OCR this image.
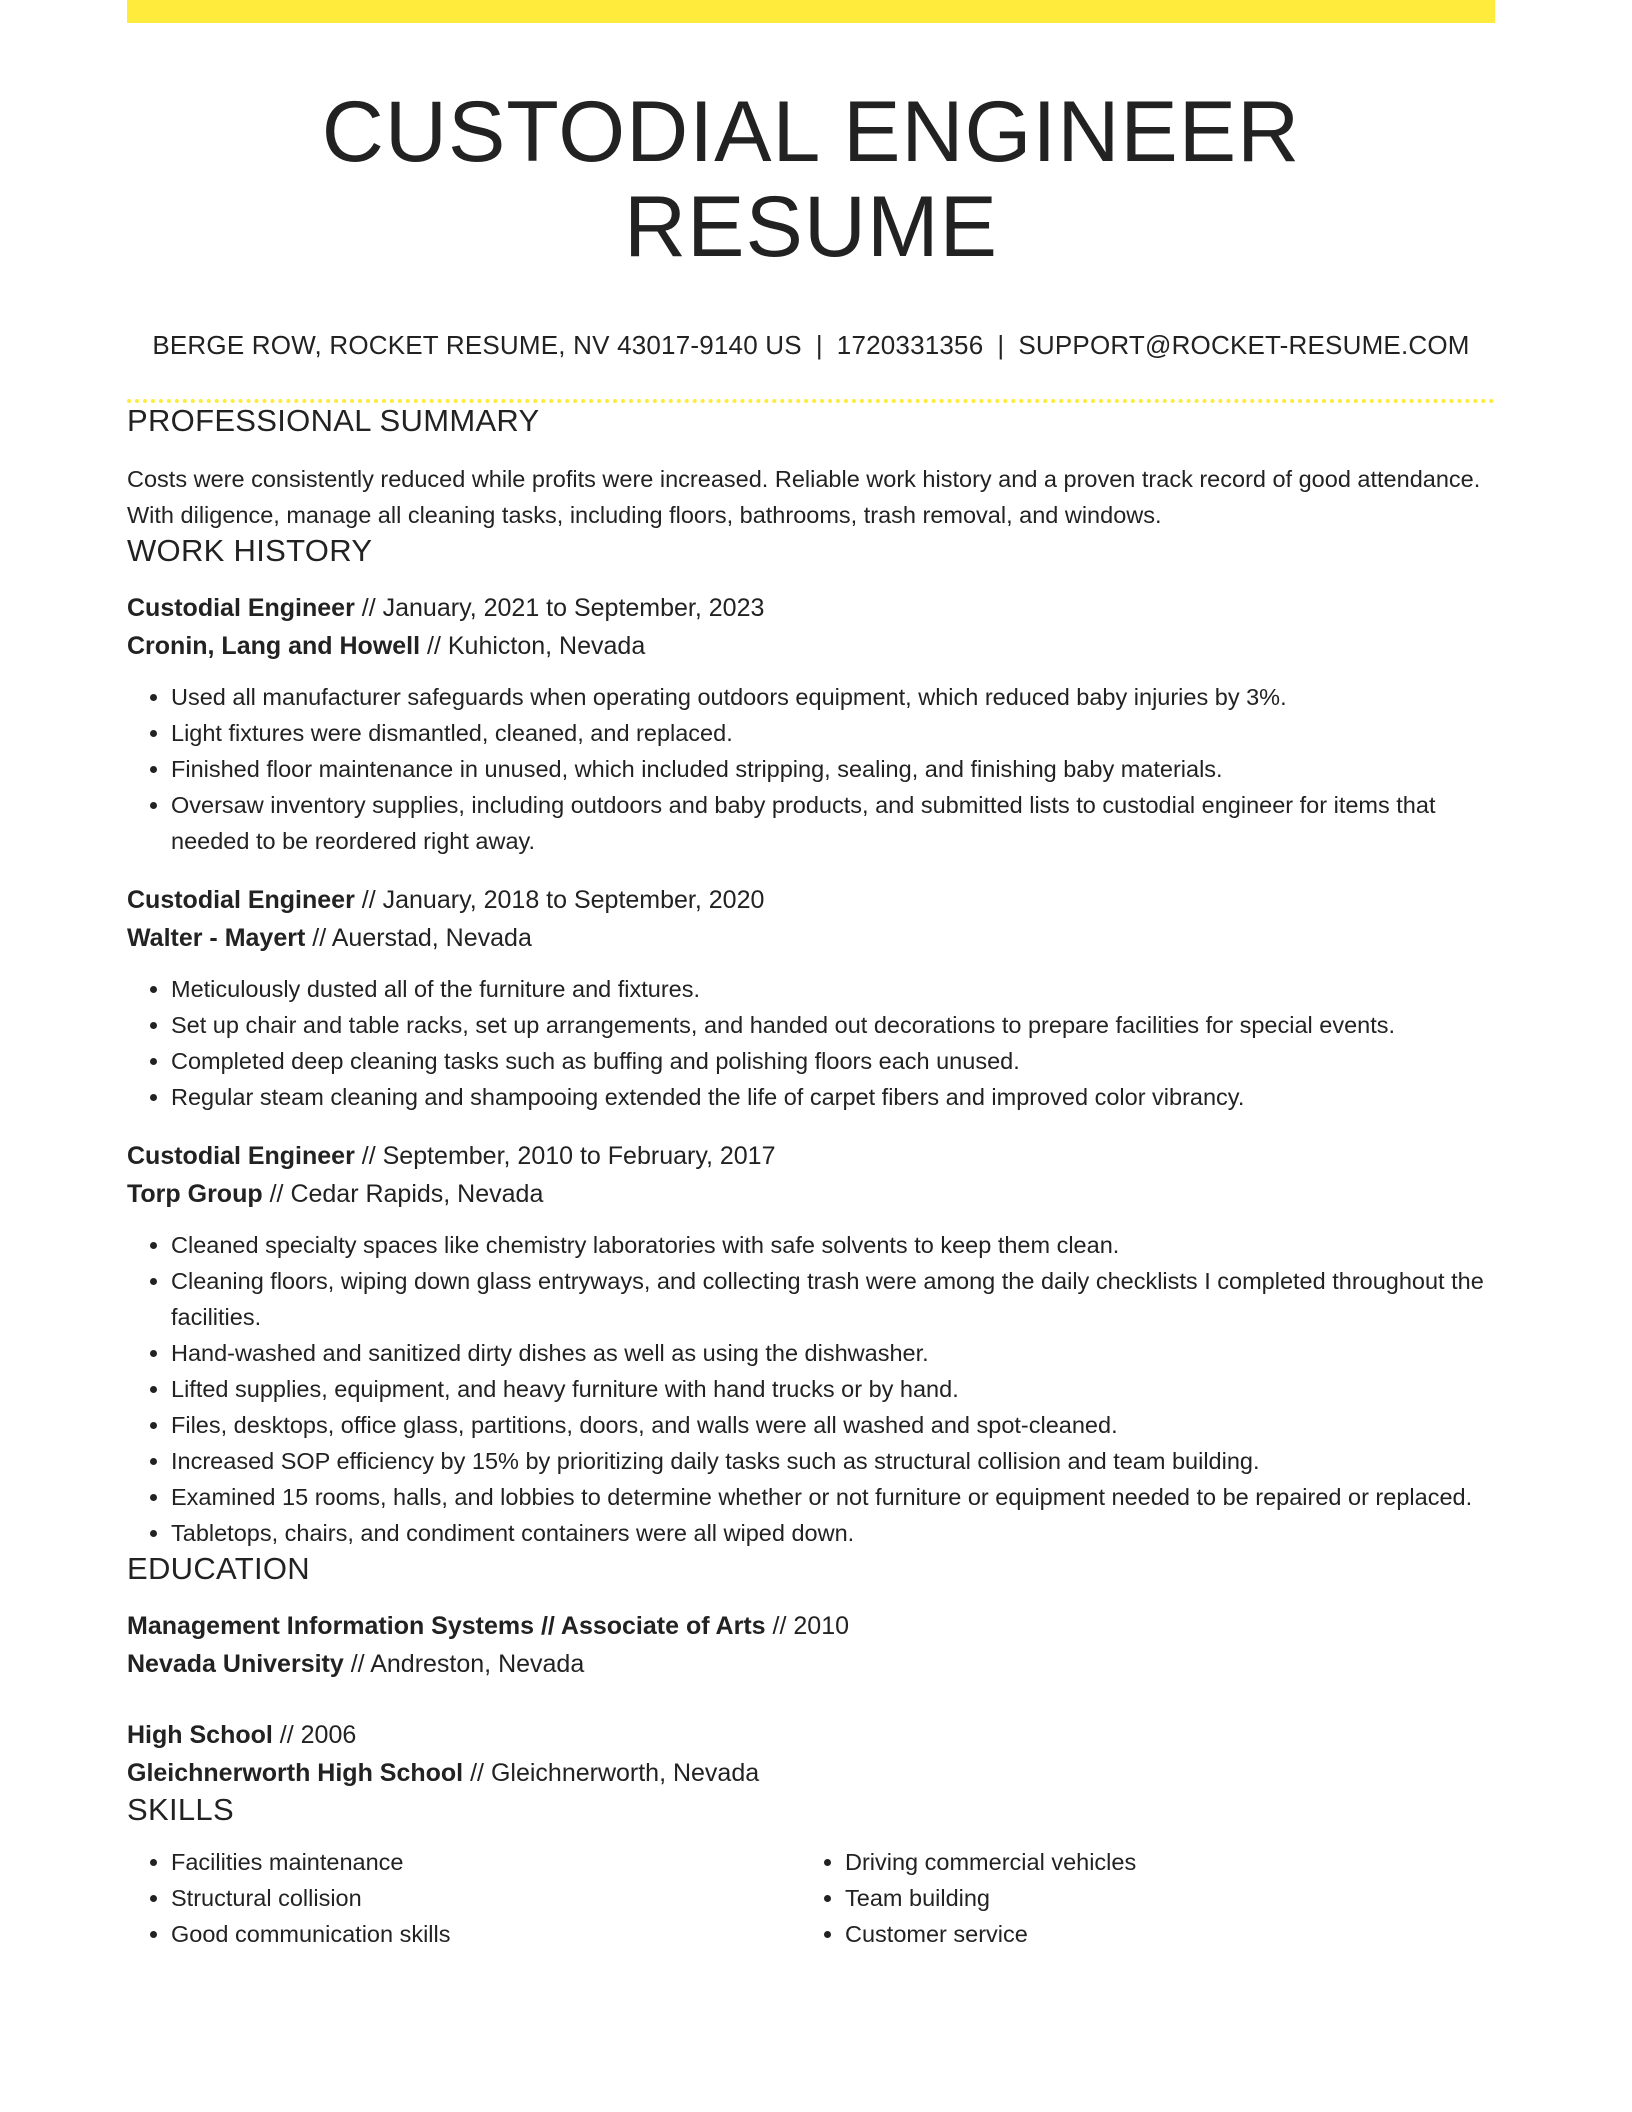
CUSTODIAL ENGINEER RESUME
BERGE ROW, ROCKET RESUME, NV 43017-9140 US | 1720331356 | SUPPORT@ROCKET-RESUME.COM
PROFESSIONAL SUMMARY
Costs were consistently reduced while profits were increased. Reliable work history and a proven track record of good attendance. With diligence, manage all cleaning tasks, including floors, bathrooms, trash removal, and windows.
WORK HISTORY
Custodial Engineer // January, 2021 to September, 2023
Cronin, Lang and Howell // Kuhicton, Nevada
• Used all manufacturer safeguards when operating outdoors equipment, which reduced baby injuries by 3%.
• Light fixtures were dismantled, cleaned, and replaced.
• Finished floor maintenance in unused, which included stripping, sealing, and finishing baby materials.
• Oversaw inventory supplies, including outdoors and baby products, and submitted lists to custodial engineer for items that needed to be reordered right away.
Custodial Engineer // January, 2018 to September, 2020
Walter - Mayert // Auerstad, Nevada
• Meticulously dusted all of the furniture and fixtures.
• Set up chair and table racks, set up arrangements, and handed out decorations to prepare facilities for special events.
• Completed deep cleaning tasks such as buffing and polishing floors each unused.
• Regular steam cleaning and shampooing extended the life of carpet fibers and improved color vibrancy.
Custodial Engineer // September, 2010 to February, 2017
Torp Group // Cedar Rapids, Nevada
• Cleaned specialty spaces like chemistry laboratories with safe solvents to keep them clean.
• Cleaning floors, wiping down glass entryways, and collecting trash were among the daily checklists I completed throughout the facilities.
• Hand-washed and sanitized dirty dishes as well as using the dishwasher.
• Lifted supplies, equipment, and heavy furniture with hand trucks or by hand.
• Files, desktops, office glass, partitions, doors, and walls were all washed and spot-cleaned.
• Increased SOP efficiency by 15% by prioritizing daily tasks such as structural collision and team building.
• Examined 15 rooms, halls, and lobbies to determine whether or not furniture or equipment needed to be repaired or replaced.
• Tabletops, chairs, and condiment containers were all wiped down.
EDUCATION
Management Information Systems // Associate of Arts // 2010
Nevada University // Andreston, Nevada
High School // 2006
Gleichnerworth High School // Gleichnerworth, Nevada
SKILLS
• Facilities maintenance
• Structural collision
• Good communication skills
• Driving commercial vehicles
• Team building
• Customer service
